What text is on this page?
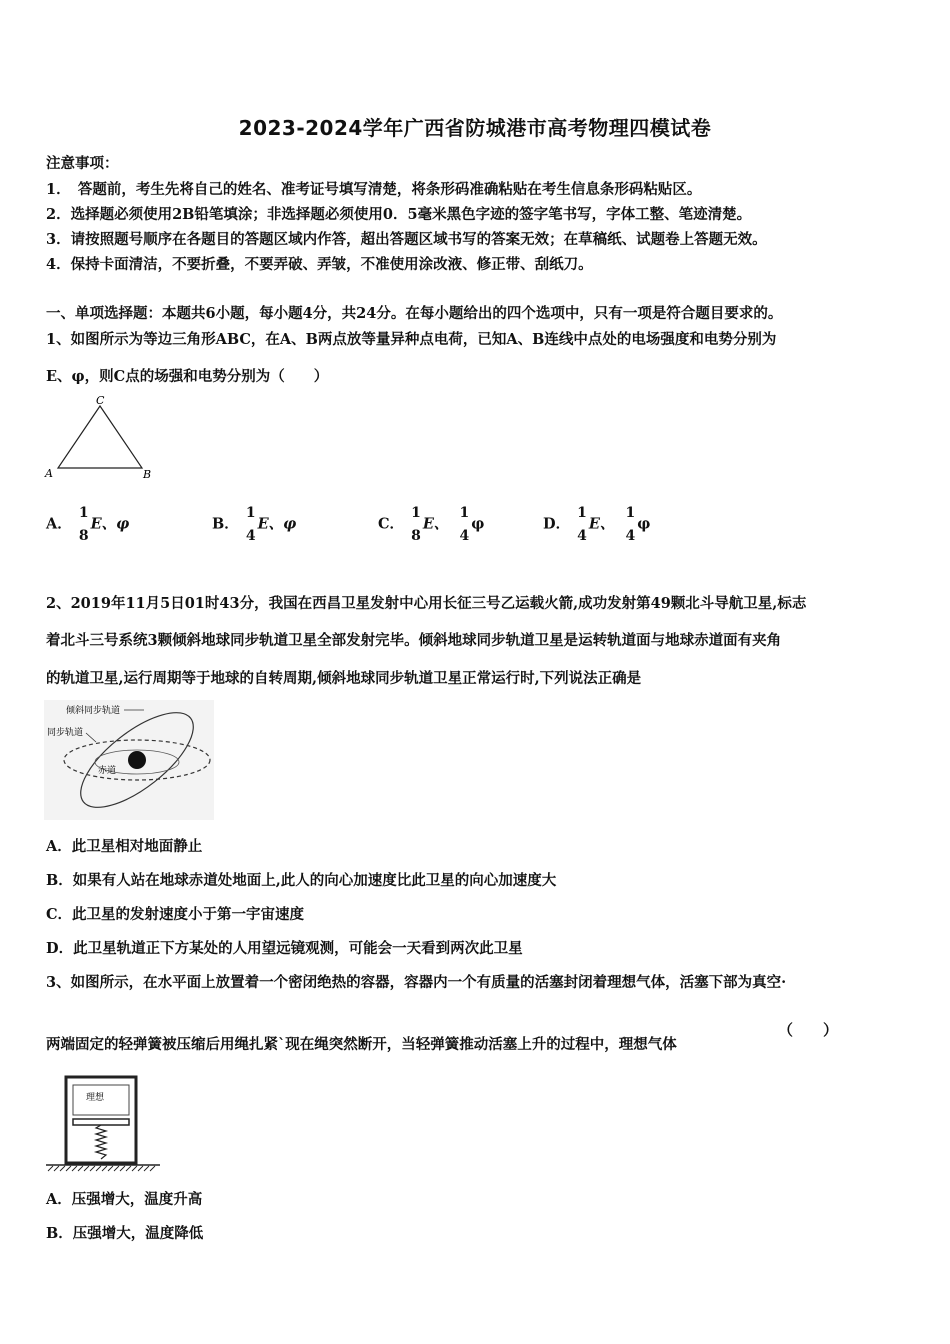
2023-2024学年广西省防城港市高考物理四模试卷
注意事项：
1．　答题前，考生先将自己的姓名、准考证号填写清楚，将条形码准确粘贴在考生信息条形码粘贴区。
2．选择题必须使用2B铅笔填涂；非选择题必须使用0．5毫米黑色字迹的签字笔书写，字体工整、笔迹清楚。
3．请按照题号顺序在各题目的答题区域内作答，超出答题区域书写的答案无效；在草稿纸、试题卷上答题无效。
4．保持卡面清洁，不要折叠，不要弄破、弄皱，不准使用涂改液、修正带、刮纸刀。
一、单项选择题：本题共6小题，每小题4分，共24分。在每小题给出的四个选项中，只有一项是符合题目要求的。
1、如图所示为等边三角形ABC，在A、B两点放等量异种点电荷，已知A、B连线中点处的电场强度和电势分别为
E、φ，则C点的场强和电势分别为（　　）
C
A	B
A．
1
8
E、φ	B．
1
4
E、φ	C．
1
8
E、
1
4
φ	D．
1
4
E、
1
4
φ
2、2019年11月5日01时43分，我国在西昌卫星发射中心用长征三号乙运载火箭,成功发射第49颗北斗导航卫星,标志
着北斗三号系统3颗倾斜地球同步轨道卫星全部发射完毕。倾斜地球同步轨道卫星是运转轨道面与地球赤道面有夹角
的轨道卫星,运行周期等于地球的自转周期,倾斜地球同步轨道卫星正常运行时,下列说法正确是
倾斜同步轨道
同步轨道
赤道
A．此卫星相对地面静止
B．如果有人站在地球赤道处地面上,此人的向心加速度比此卫星的向心加速度大
C．此卫星的发射速度小于第一宇宙速度
D．此卫星轨道正下方某处的人用望远镜观测，可能会一天看到两次此卫星
3、如图所示，在水平面上放置着一个密闭绝热的容器，容器内一个有质量的活塞封闭着理想气体，活塞下部为真空·
两端固定的轻弹簧被压缩后用绳扎紧`现在绳突然断开，当轻弹簧推动活塞上升的过程中，理想气体
（　　）
理想
A．压强增大，温度升高
B．压强增大，温度降低
